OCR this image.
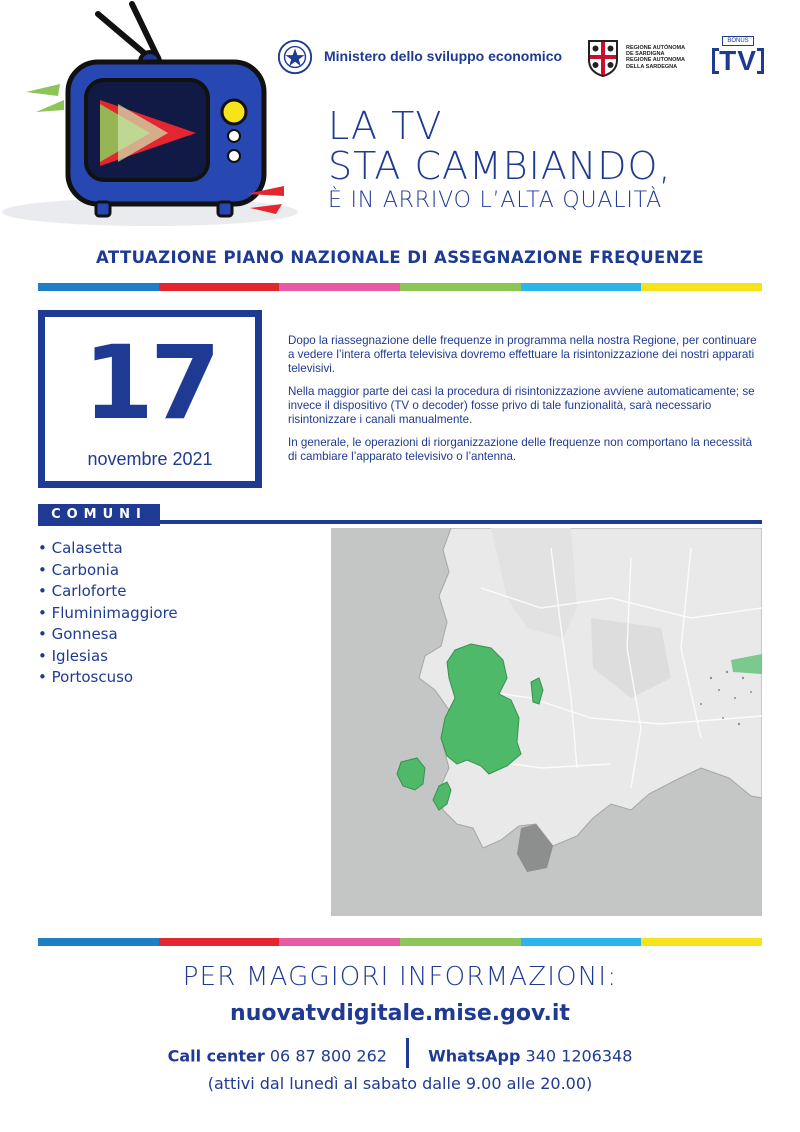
Ministero dello sviluppo economico	REGIONE AUTÒNOMA
DE SARDIGNA
REGIONE AUTONOMA
DELLA SARDEGNA
BONUS
TV
LA TV
STA CAMBIANDO,
È IN ARRIVO L’ALTA QUALITÀ
ATTUAZIONE PIANO NAZIONALE DI ASSEGNAZIONE FREQUENZE
17
novembre 2021

Dopo la riassegnazione delle frequenze in programma nella nostra Regione, per continuare a vedere l’intera offerta televisiva dovremo effettuare la risintonizzazione dei nostri apparati televisivi.

Nella maggior parte dei casi la procedura di risintonizzazione avviene automaticamente; se invece il dispositivo (TV o decoder) fosse privo di tale funzionalità, sarà necessario risintonizzare i canali manualmente.

In generale, le operazioni di riorganizzazione delle frequenze non comportano la necessità di cambiare l’apparato televisivo o l’antenna.

COMUNI
• Calasetta
• Carbonia
• Carloforte
• Fluminimaggiore
• Gonnesa
• Iglesias
• Portoscuso
PER MAGGIORI INFORMAZIONI:
nuovatvdigitale.mise.gov.it
Call center 06 87 800 262	WhatsApp 340 1206348
(attivi dal lunedì al sabato dalle 9.00 alle 20.00)
